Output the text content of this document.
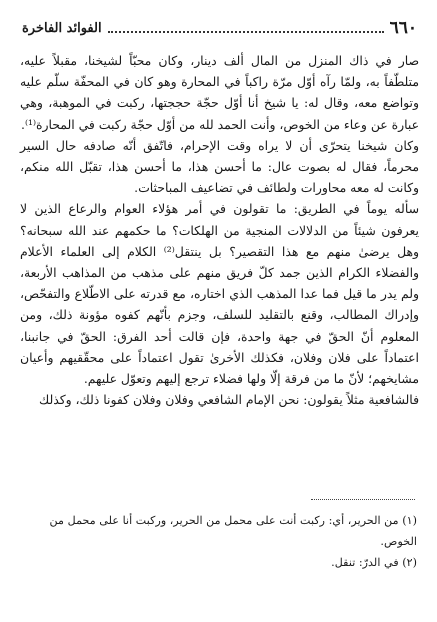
٦٦٠
الفوائد الفاخرة

صار في ذاك المنزل من المال ألف دينار، وكان محبّاً لشيخنا، مقبلاً عليه، متلطّفاً به، ولمّا رآه أوّل مرّة راكباً في المحارة وهو كان في المحفّة سلّم عليه وتواضع معه، وقال له: يا شيخ أنا أوّل حجّة حججتها، ركبت في الموهبة، وهي عبارة عن وعاء من الخوص، وأنت الحمد لله من أوّل حجّة ركبت في المحارة⁽¹⁾.

وكان شيخنا يتحرّى أن لا يراه وقت الإحرام، فاتّفق أنّه صادفه حال السير محرماً، فقال له بصوت عال: ما أحسن هذا، ما أحسن هذا، تقبّل الله منكم، وكانت له معه محاورات ولطائف في تضاعيف المباحثات.

سأله يوماً في الطريق: ما تقولون في أمر هؤلاء العوام والرعاع الذين لا يعرفون شيئاً من الدلالات المنجية من الهلكات؟ ما حكمهم عند الله سبحانه؟ وهل يرضىٰ منهم مع هذا التقصير؟ بل ينتقل⁽²⁾ الكلام إلى العلماء الأعلام والفضلاء الكرام الذين جمد كلّ فريق منهم على مذهب من المذاهب الأربعة، ولم يدر ما قيل فما عدا المذهب الذي اختاره، مع قدرته على الاطّلاع والتفحّص، وإدراك المطالب، وقنع بالتقليد للسلف، وجزم بأنّهم كفوه مؤونة ذلك، ومن المعلوم أنّ الحقّ في جهة واحدة، فإن قالت أحد الفرق: الحقّ في جانبنا، اعتماداً على فلان وفلان، فكذلك الأخرىٰ تقول اعتماداً على محقّقيهم وأعيان مشايخهم؛ لأنّ ما من فرقة إلّا ولها فضلاء ترجع إليهم وتعوّل عليهم.

فالشافعية مثلاً يقولون: نحن الإمام الشافعي وفلان وفلان كفونا ذلك، وكذلك

(١) من الحرير، أي: ركبت أنت على محمل من الحرير، وركبت أنا على محمل من الخوص.

(٢) في الدرّ: تنقل.
